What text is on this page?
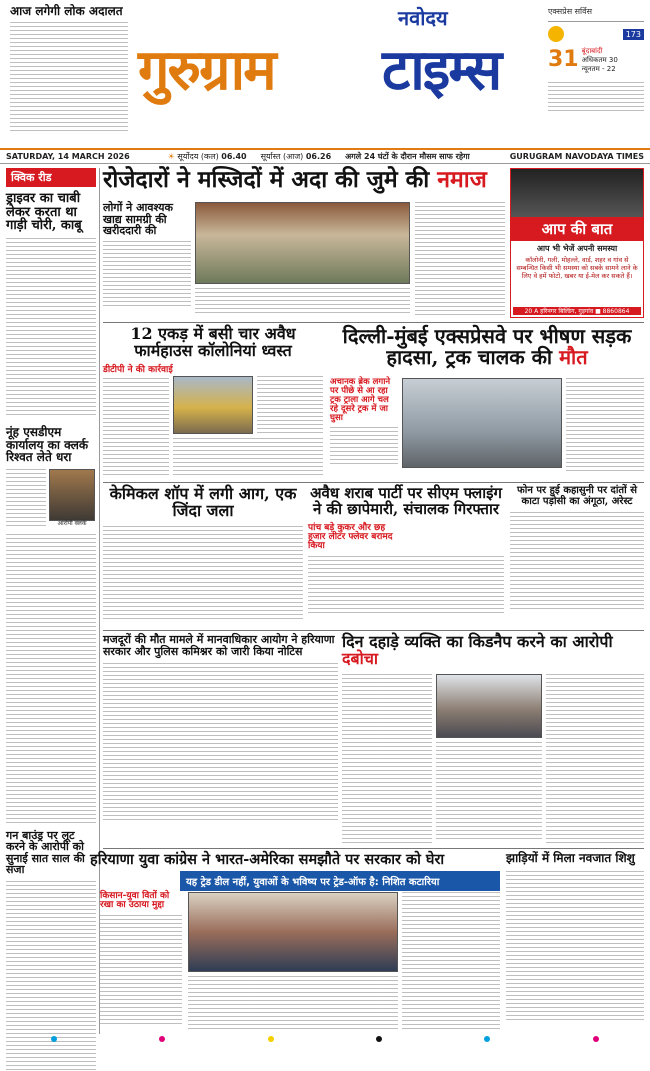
आज लगेगी लोक अदालत	नवोदय
गुरुग्राम	टाइम्स
एक्सप्रेस सर्विस
173
31 बूंदाबांदी
अधिकतम 30
न्यूनतम - 22
SATURDAY, 14 MARCH 2026	☀ सूर्योदय (कल) 06.40 सूर्यास्त (आज) 06.26 अगले 24 घंटों के दौरान मौसम साफ रहेगा	GURUGRAM NAVODAYA TIMES
क्विक रीड
ड्राइवर का चाबी लेकर करता था गाड़ी चोरी, काबू
नूंह एसडीएम कार्यालय का क्लर्क रिश्वत लेते धरा
आरोपी क्लर्क
गन बाउंड्र पर लूट करने के आरोपी को सुनाई सात साल की सजा
रोजेदारों ने मस्जिदों में अदा की जुमे की नमाज
लोगों ने आवश्यक खाद्य सामग्री की खरीददारी की	आप की बात
आप भी भेजें अपनी समस्या
कॉलोनी, गली, मोहल्ले, वार्ड, शहर व गांव से सम्बन्धित किसी भी समस्या को सबके सामने लाने के लिए वे हमें फोटो, खबर या ई-मेल कर सकते हैं।
20 A हरिनगर बिल्डिंग, गुड़गांव ■ 8860864
12 एकड़ में बसी चार अवैध फार्महाउस कॉलोनियां ध्वस्त
डीटीपी ने की कार्रवाई
दिल्ली-मुंबई एक्सप्रेसवे पर भीषण सड़क हादसा, ट्रक चालक की मौत
अचानक ब्रेक लगाने पर पीछे से आ रहा ट्रक ट्राला आगे चल रहे दूसरे ट्रक में जा घुसा
केमिकल शॉप में लगी आग, एक जिंदा जला
अवैध शराब पार्टी पर सीएम फ्लाइंग ने की छापेमारी, संचालक गिरफ्तार
पांच बड़े कुकर और छह हजार लीटर फ्लेवर बरामद किया
फोन पर हुई कहासुनी पर दांतों से काटा पड़ोसी का अंगूठा, अरेस्ट
मजदूरों की मौत मामले में मानवाधिकार आयोग ने हरियाणा सरकार और पुलिस कमिश्नर को जारी किया नोटिस
दिन दहाड़े व्यक्ति का किडनैप करने का आरोपी दबोचा
हरियाणा युवा कांग्रेस ने भारत-अमेरिका समझौते पर सरकार को घेरा
यह ट्रेड डील नहीं, युवाओं के भविष्य पर ट्रेड-ऑफ है: निशित कटारिया
किसान-युवा वितों को रखा का उठाया मुद्दा
झाड़ियों में मिला नवजात शिशु
